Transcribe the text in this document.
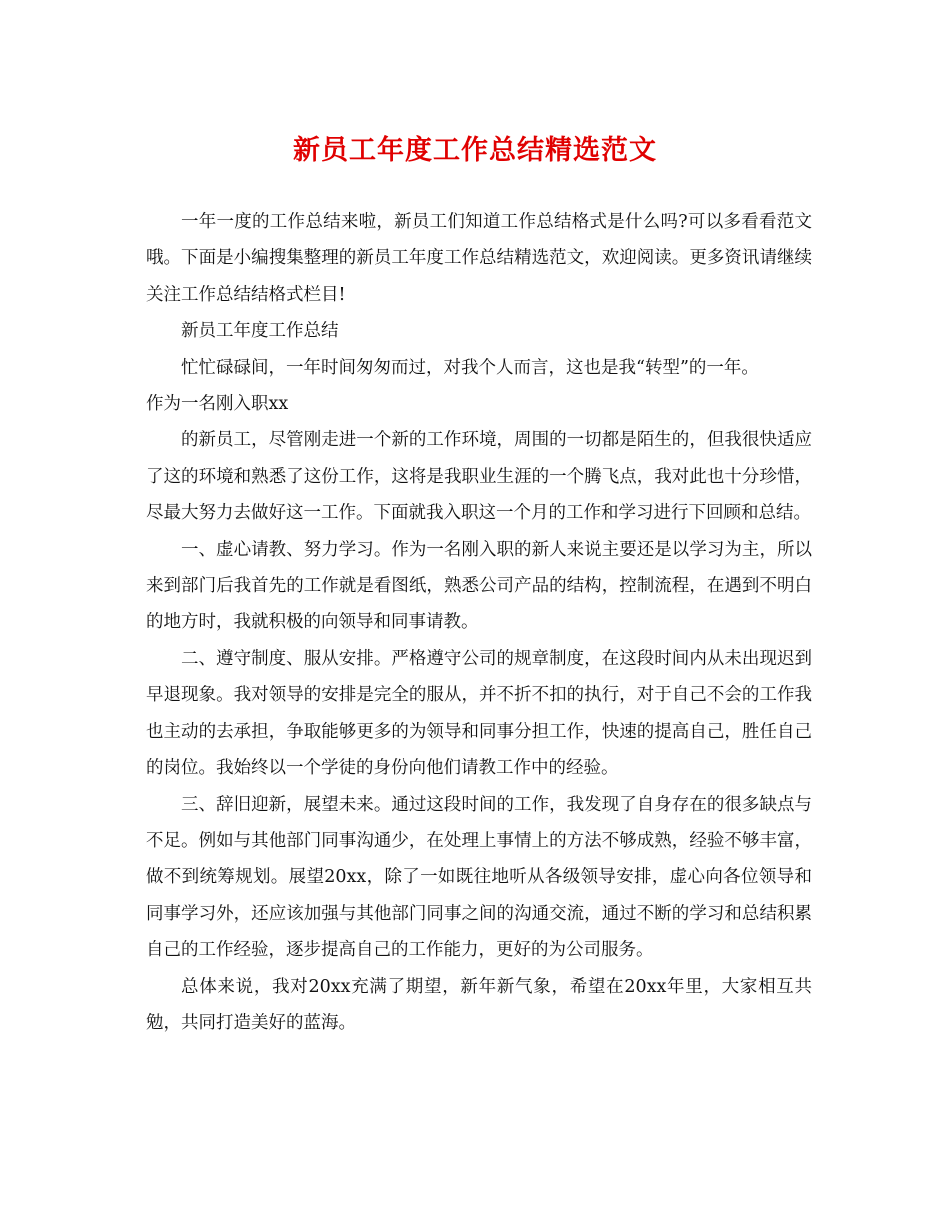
新员工年度工作总结精选范文

一年一度的工作总结来啦，新员工们知道工作总结格式是什么吗?可以多看看范文哦。下面是小编搜集整理的新员工年度工作总结精选范文，欢迎阅读。更多资讯请继续关注工作总结结格式栏目!

新员工年度工作总结

忙忙碌碌间，一年时间匆匆而过，对我个人而言，这也是我“转型”的一年。

作为一名刚入职xx

的新员工，尽管刚走进一个新的工作环境，周围的一切都是陌生的，但我很快适应了这的环境和熟悉了这份工作，这将是我职业生涯的一个腾飞点，我对此也十分珍惜，尽最大努力去做好这一工作。下面就我入职这一个月的工作和学习进行下回顾和总结。

一、虚心请教、努力学习。作为一名刚入职的新人来说主要还是以学习为主，所以来到部门后我首先的工作就是看图纸，熟悉公司产品的结构，控制流程，在遇到不明白的地方时，我就积极的向领导和同事请教。

二、遵守制度、服从安排。严格遵守公司的规章制度，在这段时间内从未出现迟到早退现象。我对领导的安排是完全的服从，并不折不扣的执行，对于自己不会的工作我也主动的去承担，争取能够更多的为领导和同事分担工作，快速的提高自己，胜任自己的岗位。我始终以一个学徒的身份向他们请教工作中的经验。

三、辞旧迎新，展望未来。通过这段时间的工作，我发现了自身存在的很多缺点与不足。例如与其他部门同事沟通少，在处理上事情上的方法不够成熟，经验不够丰富，做不到统筹规划。展望20xx，除了一如既往地听从各级领导安排，虚心向各位领导和同事学习外，还应该加强与其他部门同事之间的沟通交流，通过不断的学习和总结积累自己的工作经验，逐步提高自己的工作能力，更好的为公司服务。

总体来说，我对20xx充满了期望，新年新气象，希望在20xx年里，大家相互共勉，共同打造美好的蓝海。
